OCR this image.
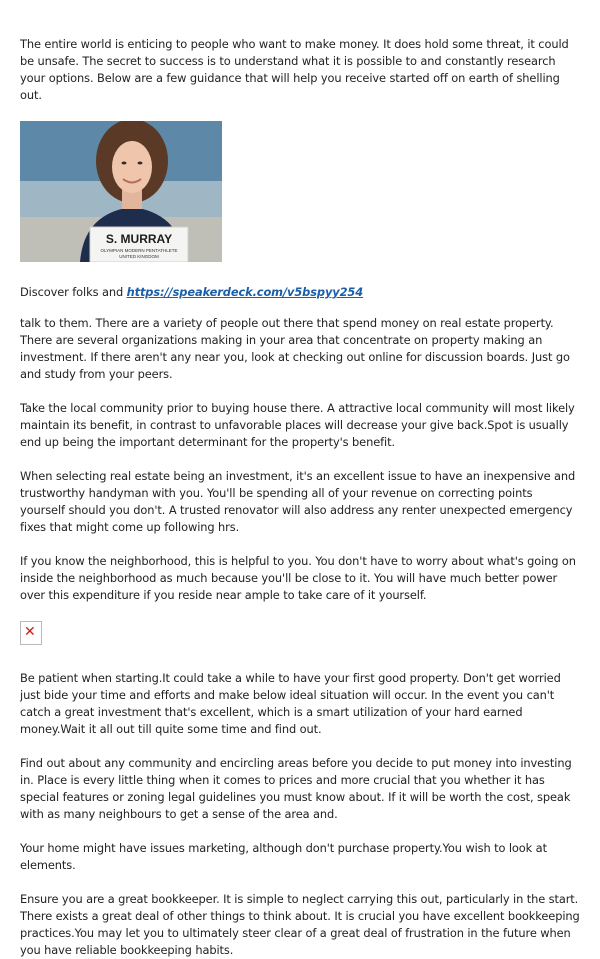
The entire world is enticing to people who want to make money. It does hold some threat, it could be unsafe. The secret to success is to understand what it is possible to and constantly research your options. Below are a few guidance that will help you receive started off on earth of shelling out.

S. MURRAY
OLYMPIAN MODERN PENTATHLETE
UNITED KINGDOM

Discover folks and https://speakerdeck.com/v5bspyy254

talk to them. There are a variety of people out there that spend money on real estate property. There are several organizations making in your area that concentrate on property making an investment. If there aren't any near you, look at checking out online for discussion boards. Just go and study from your peers.

Take the local community prior to buying house there. A attractive local community will most likely maintain its benefit, in contrast to unfavorable places will decrease your give back.Spot is usually end up being the important determinant for the property's benefit.

When selecting real estate being an investment, it's an excellent issue to have an inexpensive and trustworthy handyman with you. You'll be spending all of your revenue on correcting points yourself should you don't. A trusted renovator will also address any renter unexpected emergency fixes that might come up following hrs.

If you know the neighborhood, this is helpful to you. You don't have to worry about what's going on inside the neighborhood as much because you'll be close to it. You will have much better power over this expenditure if you reside near ample to take care of it yourself.

✕

Be patient when starting.It could take a while to have your first good property. Don't get worried just bide your time and efforts and make below ideal situation will occur. In the event you can't catch a great investment that's excellent, which is a smart utilization of your hard earned money.Wait it all out till quite some time and find out.

Find out about any community and encircling areas before you decide to put money into investing in. Place is every little thing when it comes to prices and more crucial that you whether it has special features or zoning legal guidelines you must know about. If it will be worth the cost, speak with as many neighbours to get a sense of the area and.

Your home might have issues marketing, although don't purchase property.You wish to look at elements.

Ensure you are a great bookkeeper. It is simple to neglect carrying this out, particularly in the start. There exists a great deal of other things to think about. It is crucial you have excellent bookkeeping practices.You may let you to ultimately steer clear of a great deal of frustration in the future when you have reliable bookkeeping habits.
